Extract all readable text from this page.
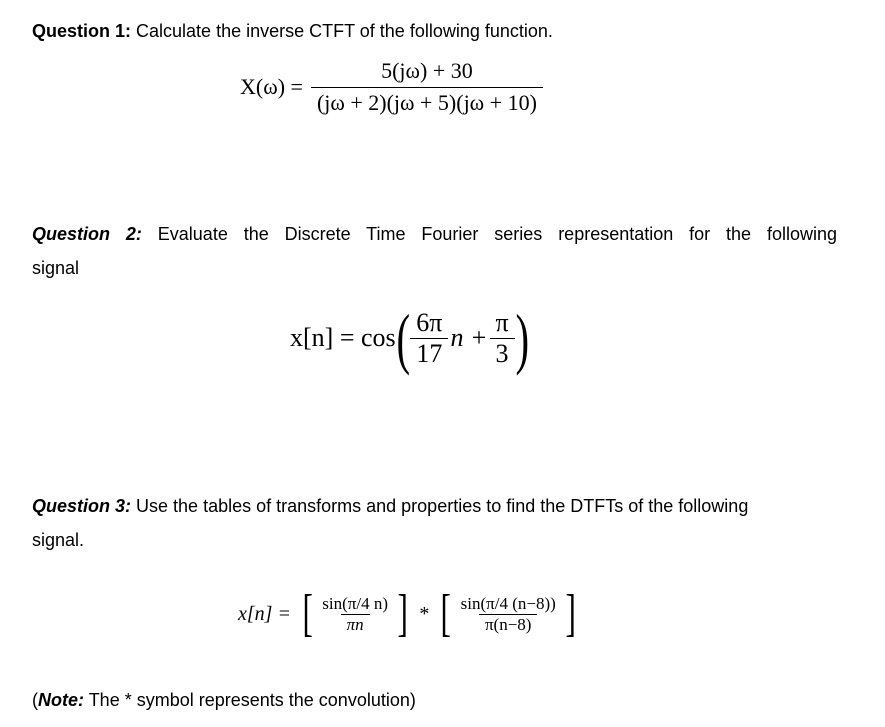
Question 1: Calculate the inverse CTFT of the following function.
$X(\omega) = \frac{5(j\omega) + 30}{(j\omega + 2)(j\omega + 5)(j\omega + 10)}$
Question 2: Evaluate the Discrete Time Fourier series representation for the following
signal
x[n] = cos ( $\frac{6\pi}{17}$ $n + \frac{\pi}{3}$ )
Question 3: Use the tables of transforms and properties to find the DTFTs of the following
signal.
x[n] = [ $\frac{\sin(\pi/4 n)}{\pi n}$ ] * [ $\frac{\sin(\pi/4 (n-8))}{\pi(n-8)}$ ]
(Note: The * symbol represents the convolution)
